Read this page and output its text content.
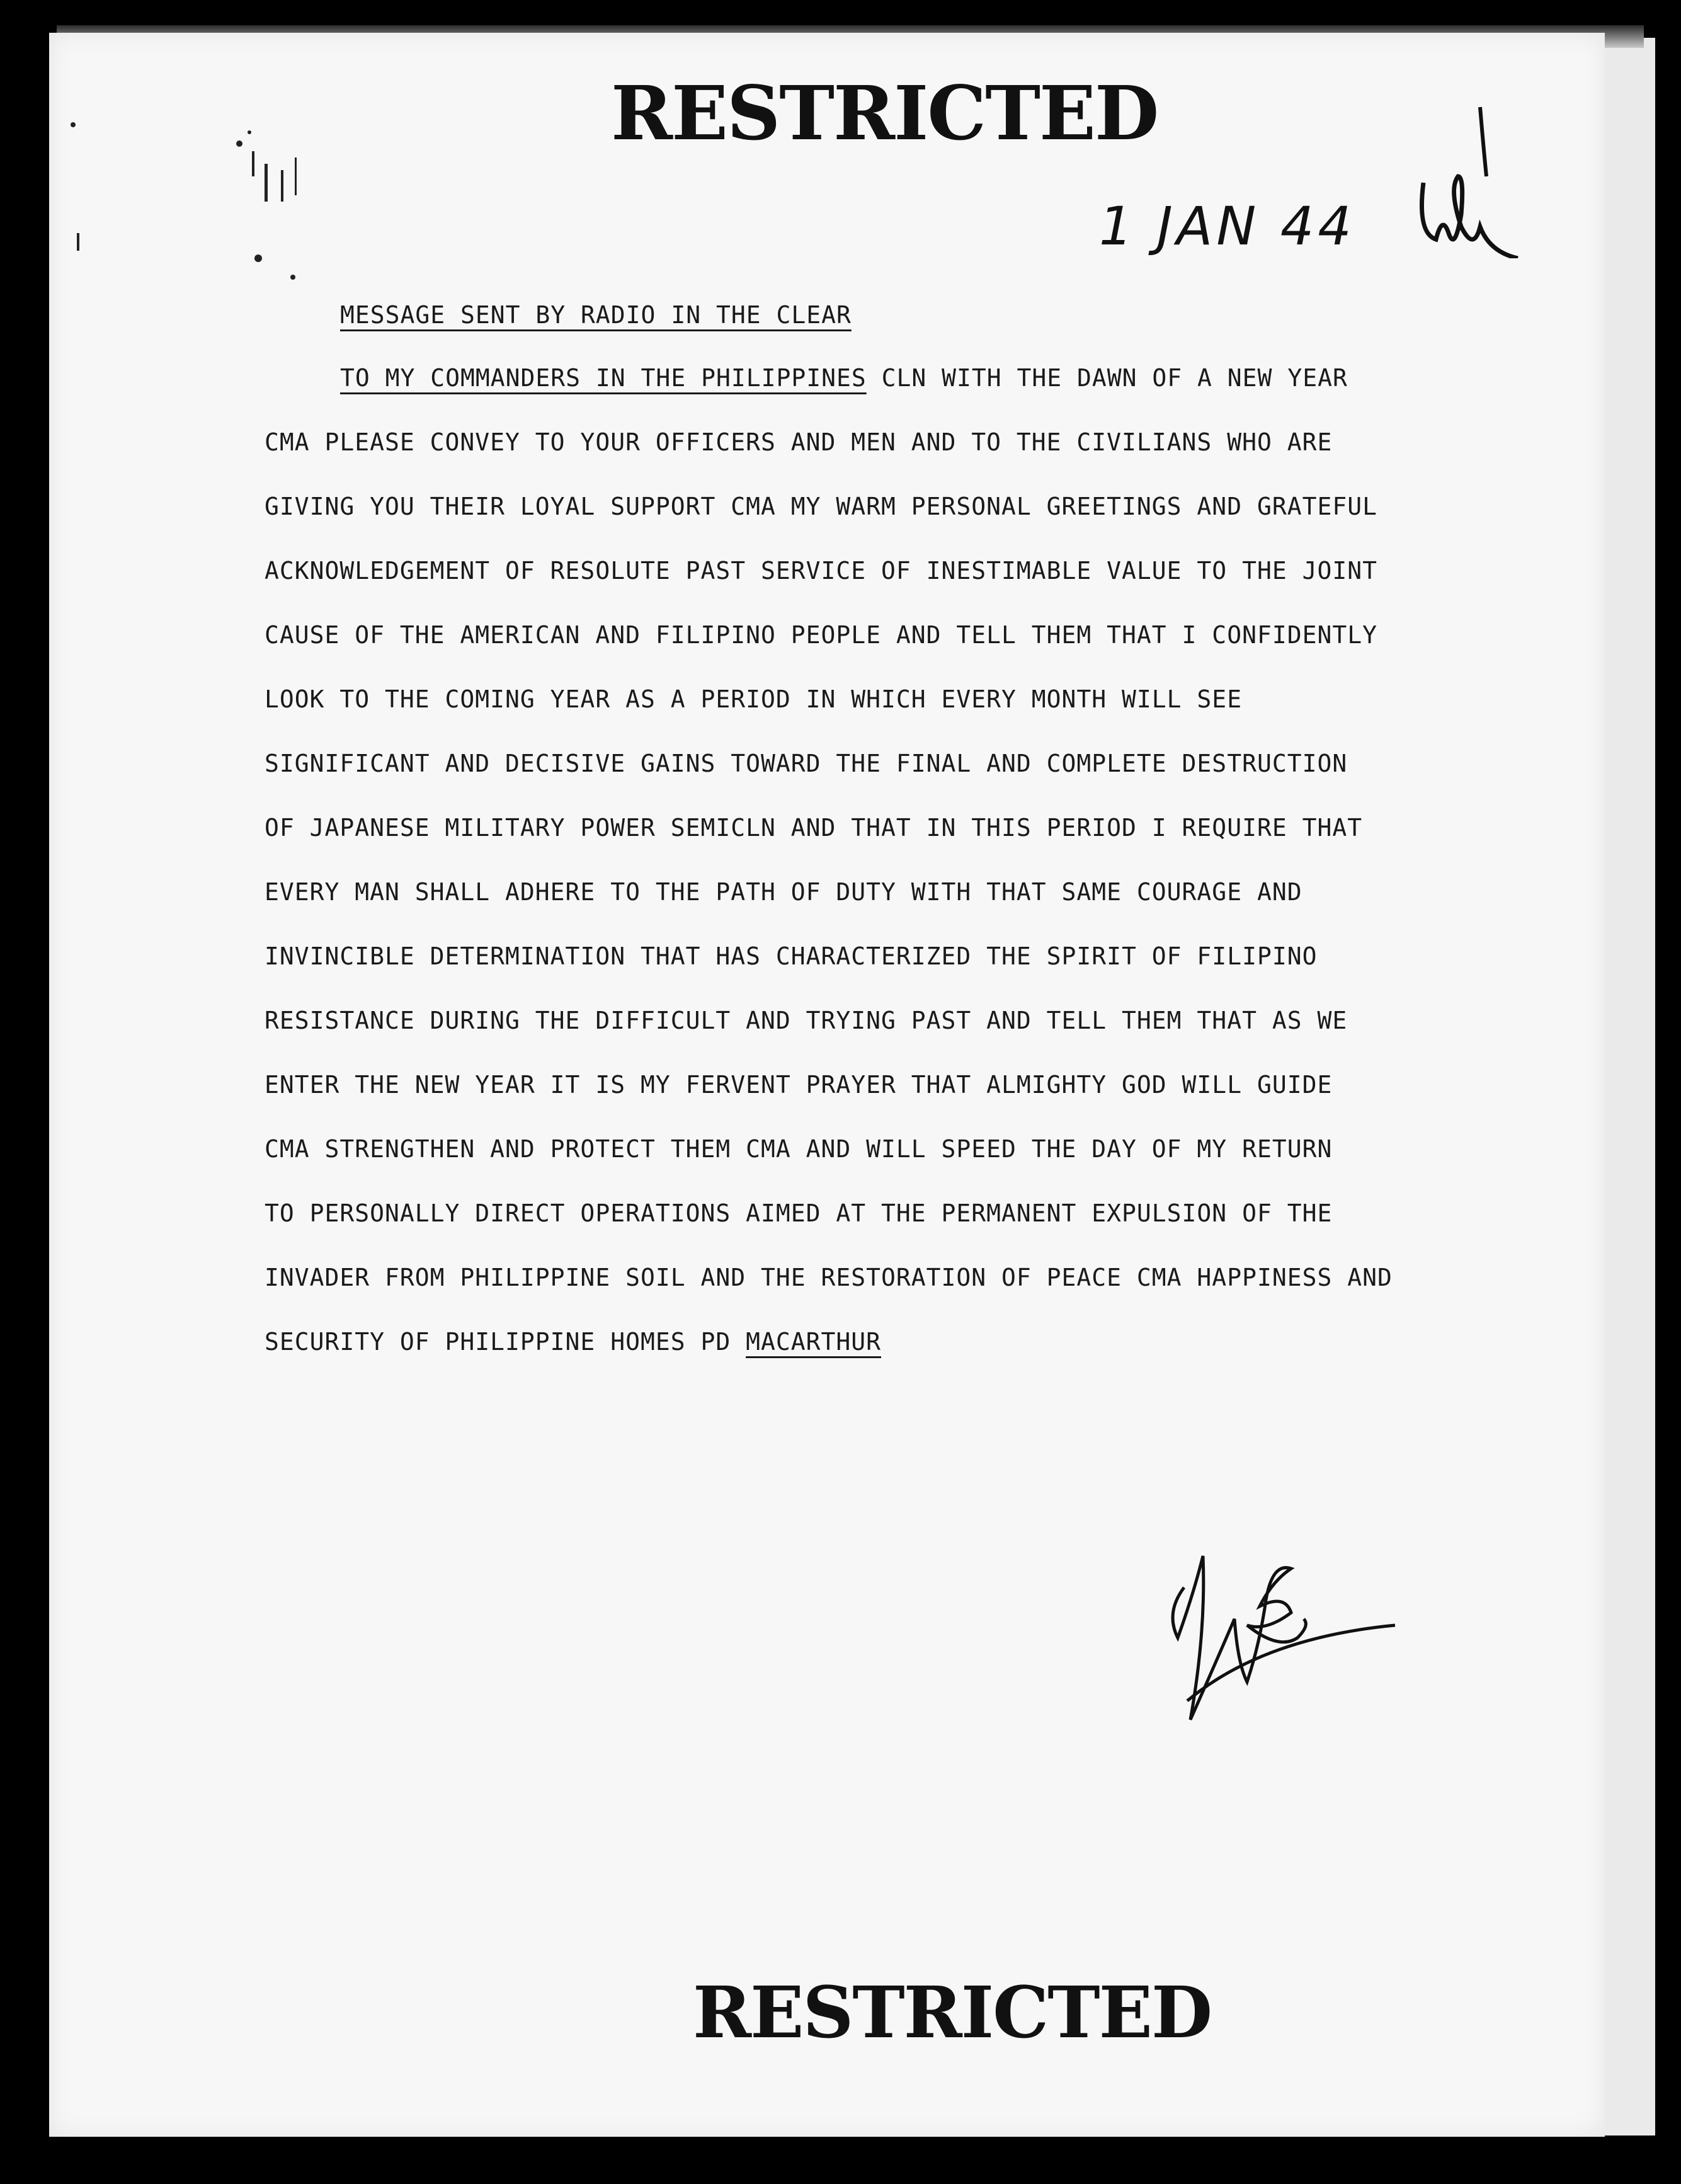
RESTRICTED
1 JAN 44
MESSAGE SENT BY RADIO IN THE CLEAR
TO MY COMMANDERS IN THE PHILIPPINES CLN WITH THE DAWN OF A NEW YEAR
CMA PLEASE CONVEY TO YOUR OFFICERS AND MEN AND TO THE CIVILIANS WHO ARE
GIVING YOU THEIR LOYAL SUPPORT CMA MY WARM PERSONAL GREETINGS AND GRATEFUL
ACKNOWLEDGEMENT OF RESOLUTE PAST SERVICE OF INESTIMABLE VALUE TO THE JOINT
CAUSE OF THE AMERICAN AND FILIPINO PEOPLE AND TELL THEM THAT I CONFIDENTLY
LOOK TO THE COMING YEAR AS A PERIOD IN WHICH EVERY MONTH WILL SEE
SIGNIFICANT AND DECISIVE GAINS TOWARD THE FINAL AND COMPLETE DESTRUCTION
OF JAPANESE MILITARY POWER SEMICLN AND THAT IN THIS PERIOD I REQUIRE THAT
EVERY MAN SHALL ADHERE TO THE PATH OF DUTY WITH THAT SAME COURAGE AND
INVINCIBLE DETERMINATION THAT HAS CHARACTERIZED THE SPIRIT OF FILIPINO
RESISTANCE DURING THE DIFFICULT AND TRYING PAST AND TELL THEM THAT AS WE
ENTER THE NEW YEAR IT IS MY FERVENT PRAYER THAT ALMIGHTY GOD WILL GUIDE
CMA STRENGTHEN AND PROTECT THEM CMA AND WILL SPEED THE DAY OF MY RETURN
TO PERSONALLY DIRECT OPERATIONS AIMED AT THE PERMANENT EXPULSION OF THE
INVADER FROM PHILIPPINE SOIL AND THE RESTORATION OF PEACE CMA HAPPINESS AND
SECURITY OF PHILIPPINE HOMES PD MACARTHUR
RESTRICTED
